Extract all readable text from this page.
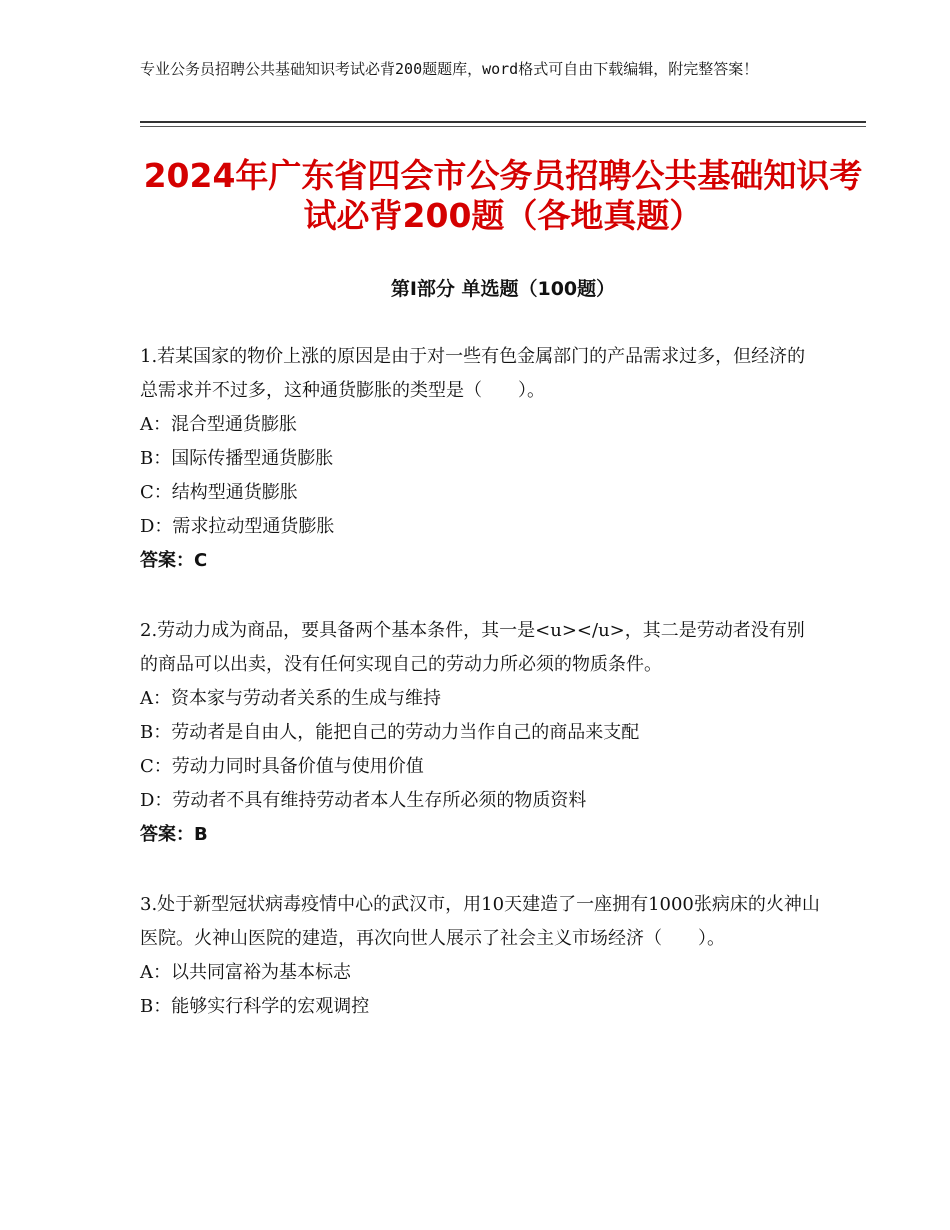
专业公务员招聘公共基础知识考试必背200题题库，word格式可自由下载编辑，附完整答案！
2024年广东省四会市公务员招聘公共基础知识考试必背200题（各地真题）
第Ⅰ部分 单选题（100题）

1.若某国家的物价上涨的原因是由于对一些有色金属部门的产品需求过多，但经济的总需求并不过多，这种通货膨胀的类型是（　　）。

A：混合型通货膨胀

B：国际传播型通货膨胀

C：结构型通货膨胀

D：需求拉动型通货膨胀

答案：C

2.劳动力成为商品，要具备两个基本条件，其一是<u></u>，其二是劳动者没有别的商品可以出卖，没有任何实现自己的劳动力所必须的物质条件。

A：资本家与劳动者关系的生成与维持

B：劳动者是自由人，能把自己的劳动力当作自己的商品来支配

C：劳动力同时具备价值与使用价值

D：劳动者不具有维持劳动者本人生存所必须的物质资料

答案：B

3.处于新型冠状病毒疫情中心的武汉市，用10天建造了一座拥有1000张病床的火神山医院。火神山医院的建造，再次向世人展示了社会主义市场经济（　　）。

A：以共同富裕为基本标志

B：能够实行科学的宏观调控
